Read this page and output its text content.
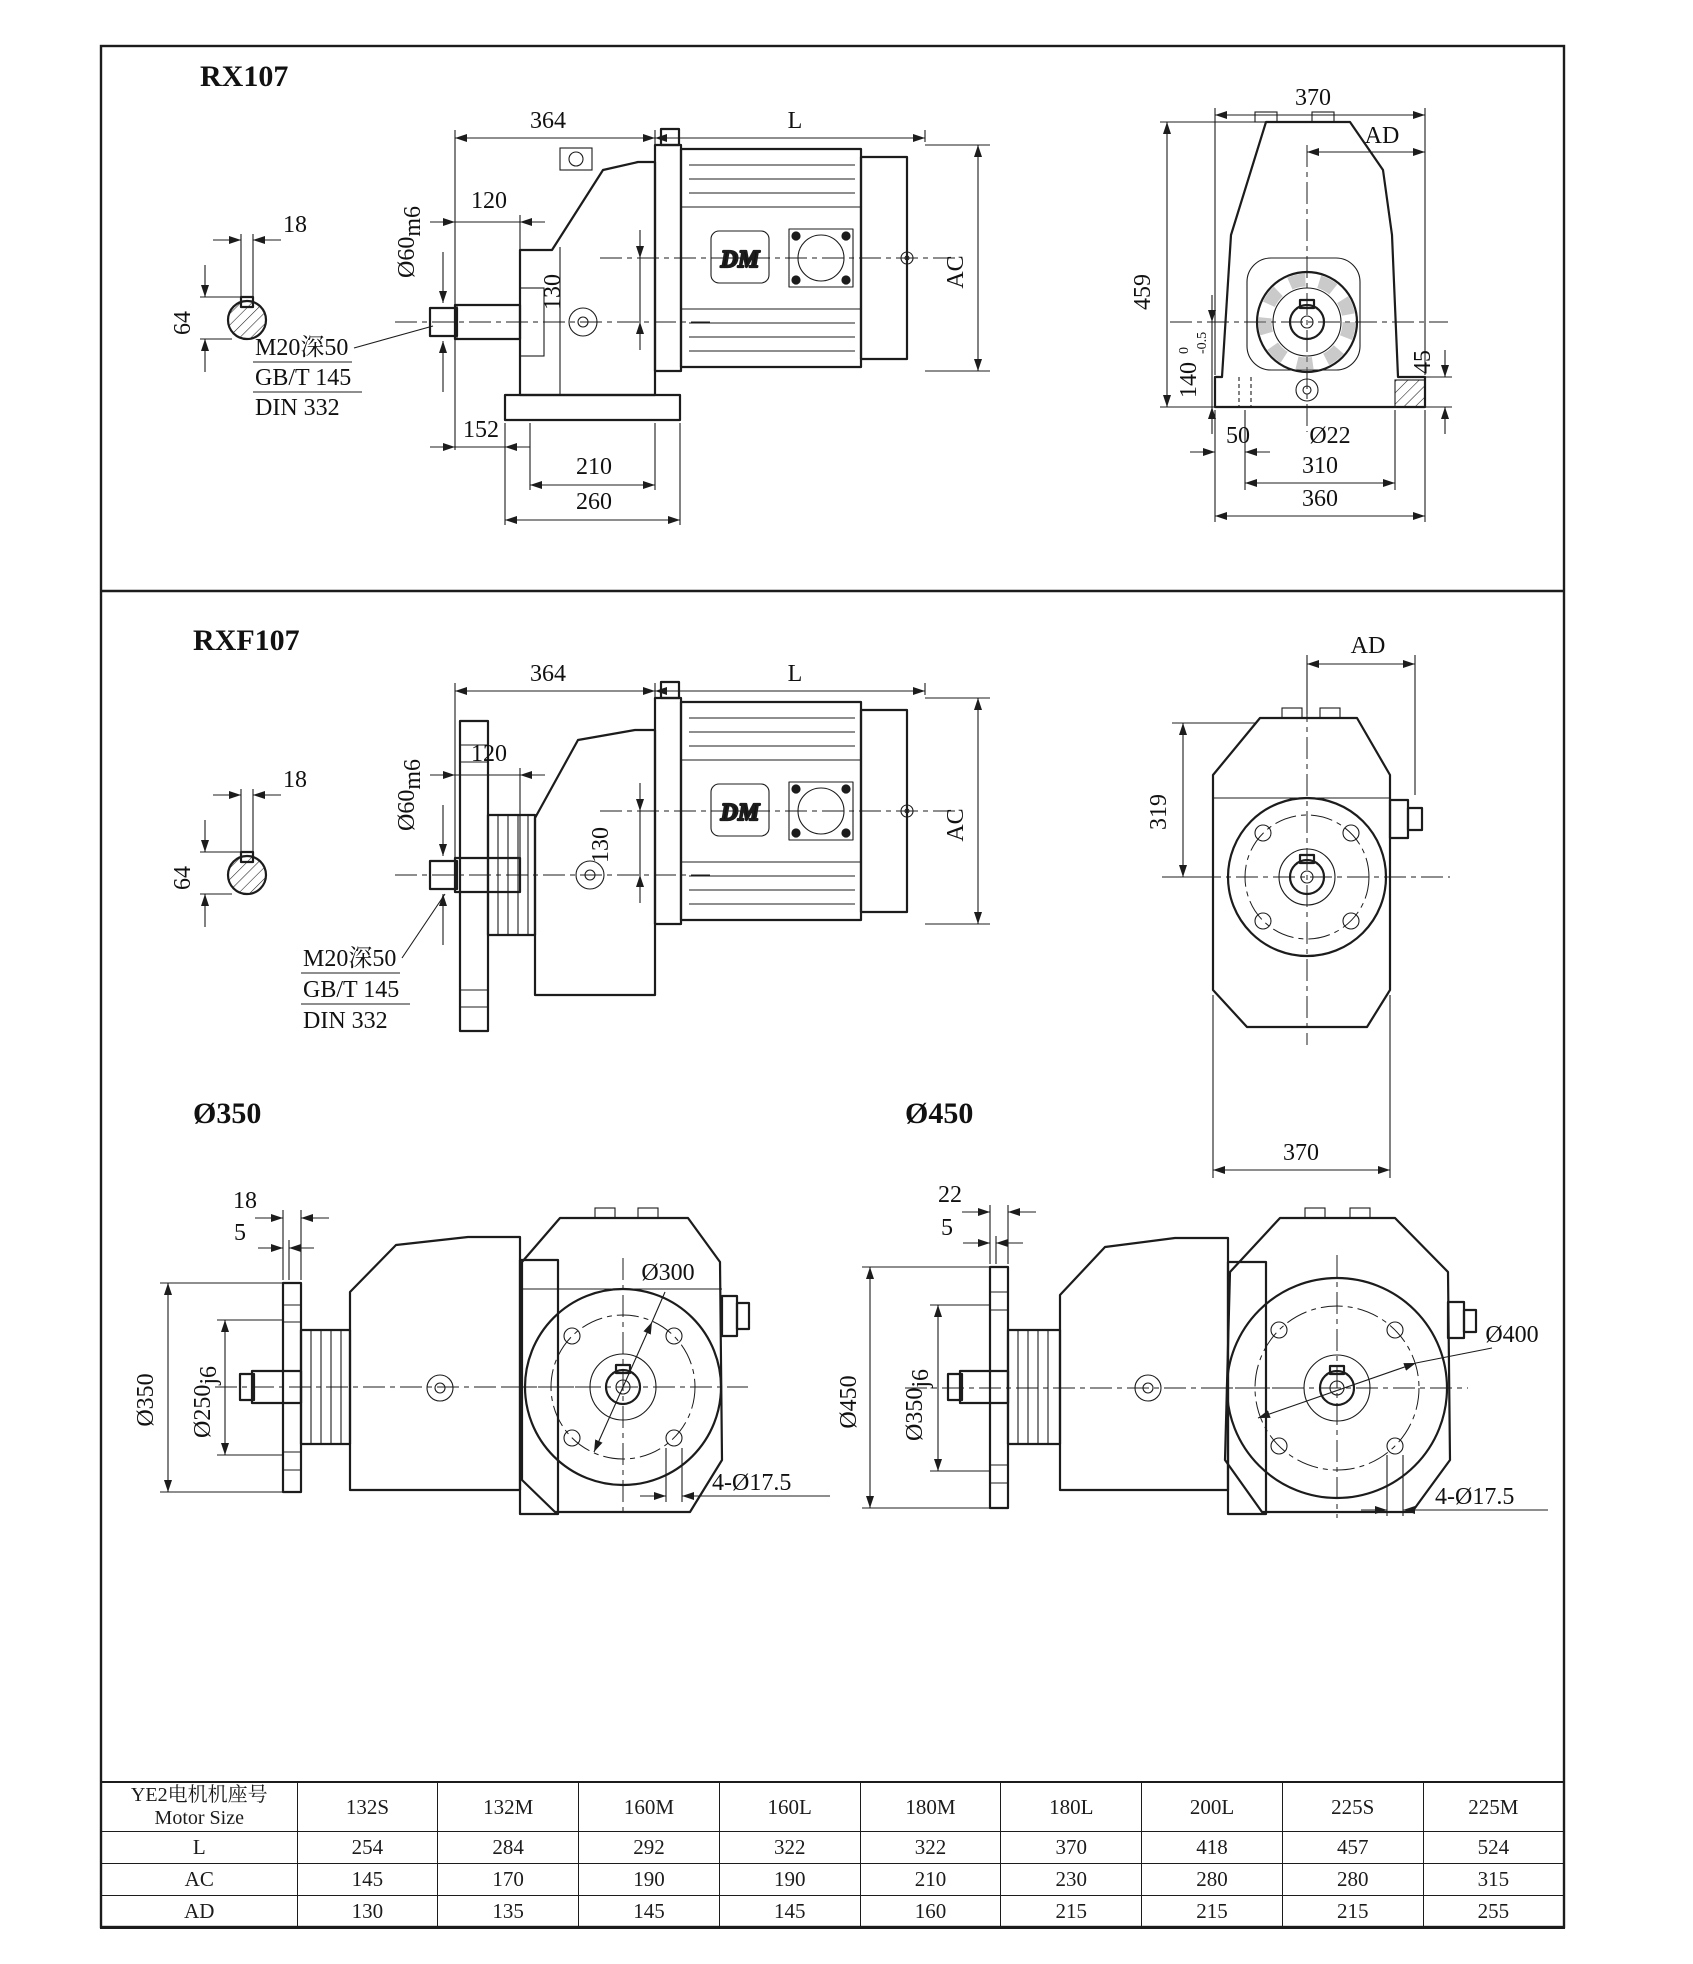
DM
RX107
18
64
364	L
120
Ø60m6
130
AC
152
210
260
M20深50
GB/T 145
DIN 332
370
AD
459
140
0 -0.5
45
50 Ø22
310
360
RXF107
18
64
364	L
120
Ø60m6
130
AC
M20深50
GB/T 145
DIN 332
AD
319
370
Ø350
18
5
Ø350 Ø250j6
Ø300
4-Ø17.5
Ø450
22
5
Ø450 Ø350j6
Ø400
4-Ø17.5
YE2电机机座号
Motor Size	132S	132M	160M	160L	180M	180L	200L	225S	225M
L	254	284	292	322	322	370	418	457	524
AC	145	170	190	190	210	230	280	280	315
AD	130	135	145	145	160	215	215	215	255
